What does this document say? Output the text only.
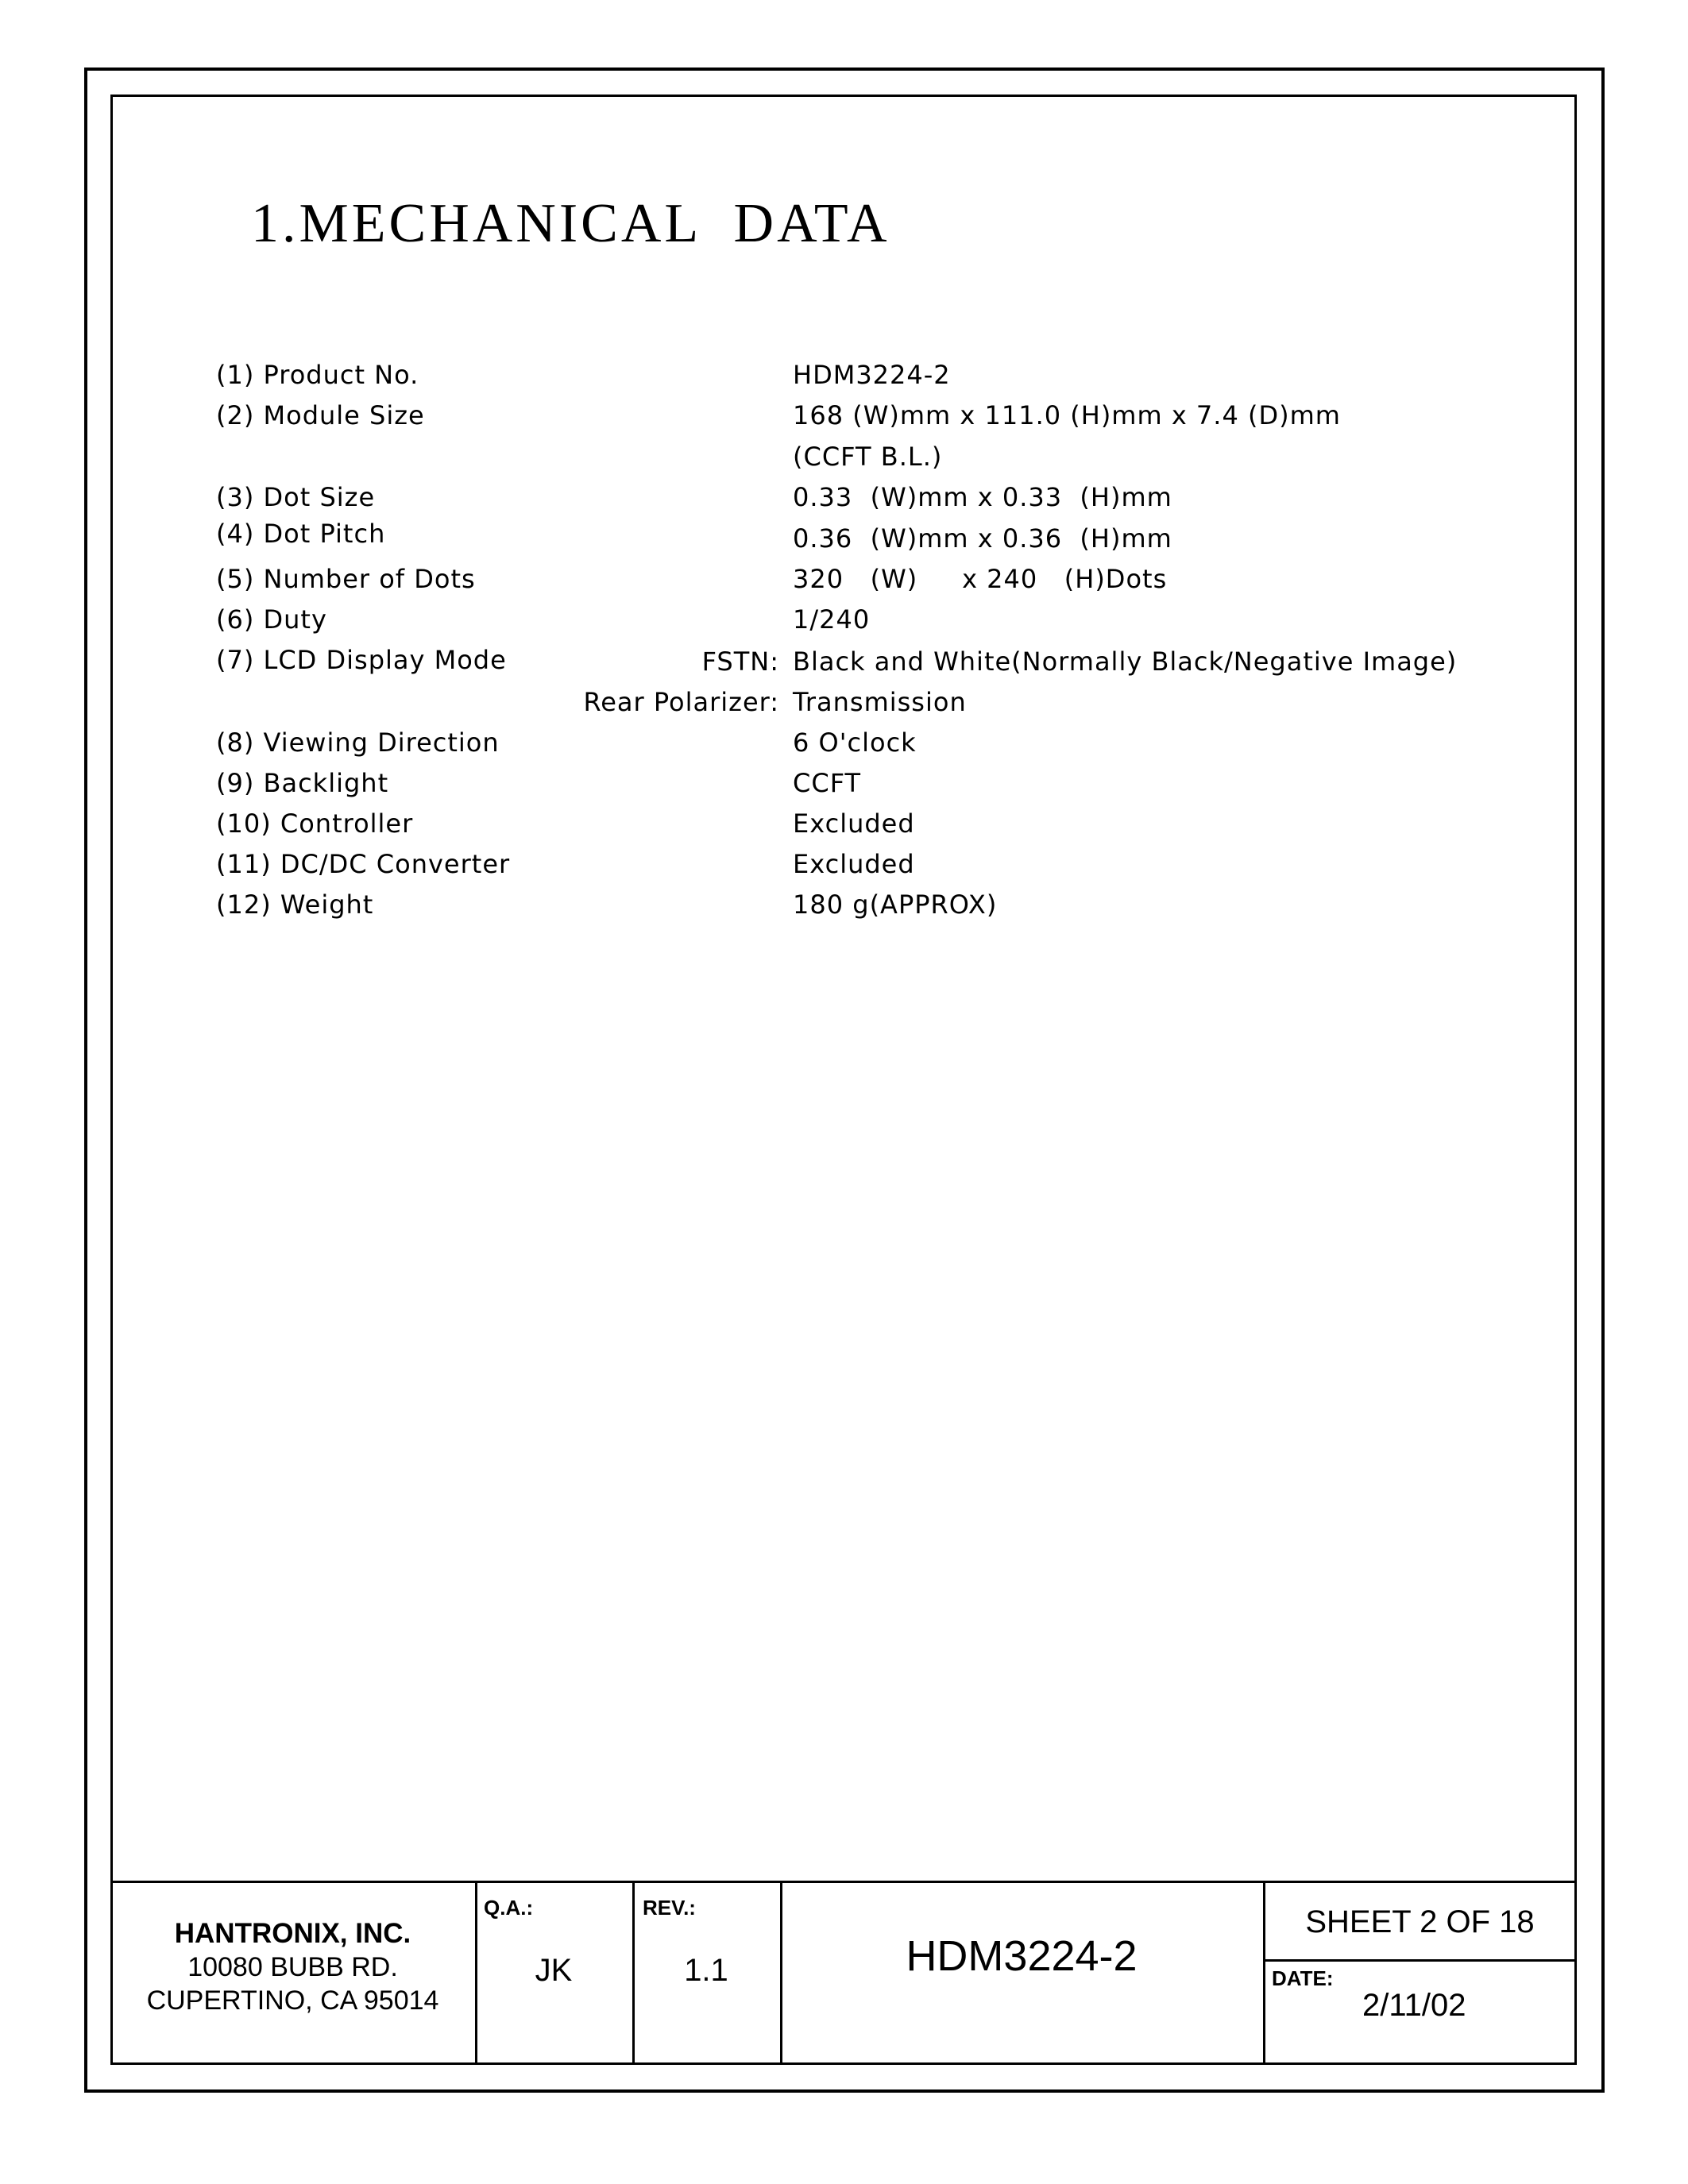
1.MECHANICAL  DATA
(1) Product No.	HDM3224-2
(2) Module Size	168 (W)mm x 111.0 (H)mm x 7.4 (D)mm
(CCFT B.L.)
(3) Dot Size	0.33  (W)mm x 0.33  (H)mm
(4) Dot Pitch	0.36  (W)mm x 0.36  (H)mm
(5) Number of Dots	320   (W)     x 240   (H)Dots
(6) Duty	1/240
(7) LCD Display Mode	FSTN: Black and White(Normally Black/Negative Image)
Rear Polarizer: Transmission
(8) Viewing Direction	6 O'clock
(9) Backlight	CCFT
(10) Controller	Excluded
(11) DC/DC Converter	Excluded
(12) Weight	180 g(APPROX)
HANTRONIX, INC.
10080 BUBB RD.
CUPERTINO, CA 95014
Q.A.:
JK
REV.:
1.1	HDM3224-2
SHEET 2 OF 18
DATE:
2/11/02
